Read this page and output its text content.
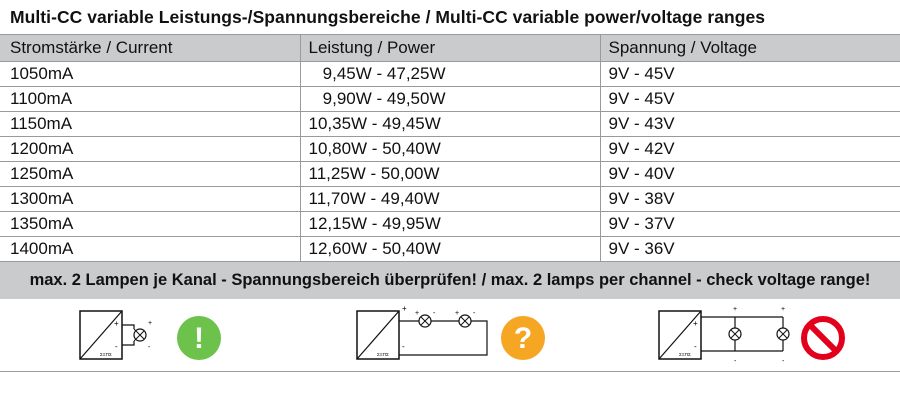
Multi-CC variable Leistungs-/Spannungsbereiche / Multi-CC variable power/voltage ranges
Stromstärke / Current	Leistung / Power	Spannung / Voltage
1050mA	9,45W - 47,25W	9V - 45V
1100mA	9,90W - 49,50W	9V - 45V
1150mA	10,35W - 49,45W	9V - 43V
1200mA	10,80W - 50,40W	9V - 42V
1250mA	11,25W - 50,00W	9V - 40V
1300mA	11,70W - 49,40W	9V - 38V
1350mA	12,15W - 49,95W	9V - 37V
1400mA	12,60W - 50,40W	9V - 36V
max. 2 Lampen je Kanal - Spannungsbereich überprüfen! / max. 2 lamps per channel - check voltage range!
ΣΞΠΣ
+
-
+
- !	ΣΞΠΣ
+
-
+ -	+ -
?	ΣΞΠΣ
+
-
+
-
+
-
